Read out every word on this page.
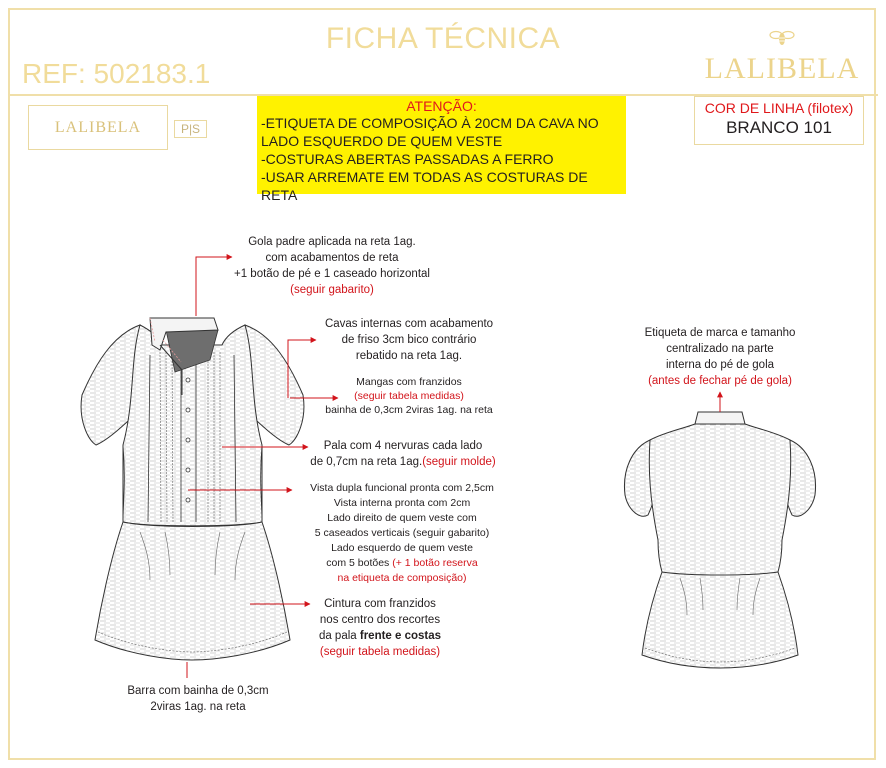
FICHA TÉCNICA
REF: 502183.1	LALIBELA
LALIBELA	P|S
ATENÇÃO:
-ETIQUETA DE COMPOSIÇÃO À 20CM DA CAVA NO
LADO ESQUERDO DE QUEM VESTE
-COSTURAS ABERTAS PASSADAS A FERRO
-USAR ARREMATE EM TODAS AS COSTURAS DE RETA
COR DE LINHA (filotex)
BRANCO 101
Gola padre aplicada na reta 1ag.
com acabamentos de reta
+1 botão de pé e 1 caseado horizontal
(seguir gabarito)
Cavas internas com acabamento
de friso 3cm bico contrário
rebatido na reta 1ag.
Mangas com franzidos
(seguir tabela medidas)
bainha de 0,3cm 2viras 1ag. na reta
Pala com 4 nervuras cada lado
de 0,7cm na reta 1ag.(seguir molde)
Vista dupla funcional pronta com 2,5cm
Vista interna pronta com 2cm
Lado direito de quem veste com
5 caseados verticais (seguir gabarito)
Lado esquerdo de quem veste
com 5 botões (+ 1 botão reserva
na etiqueta de composição)
Cintura com franzidos
nos centro dos recortes
da pala frente e costas
(seguir tabela medidas)
Barra com bainha de 0,3cm
2viras 1ag. na reta
Etiqueta de marca e tamanho
centralizado na parte
interna do pé de gola
(antes de fechar pé de gola)
